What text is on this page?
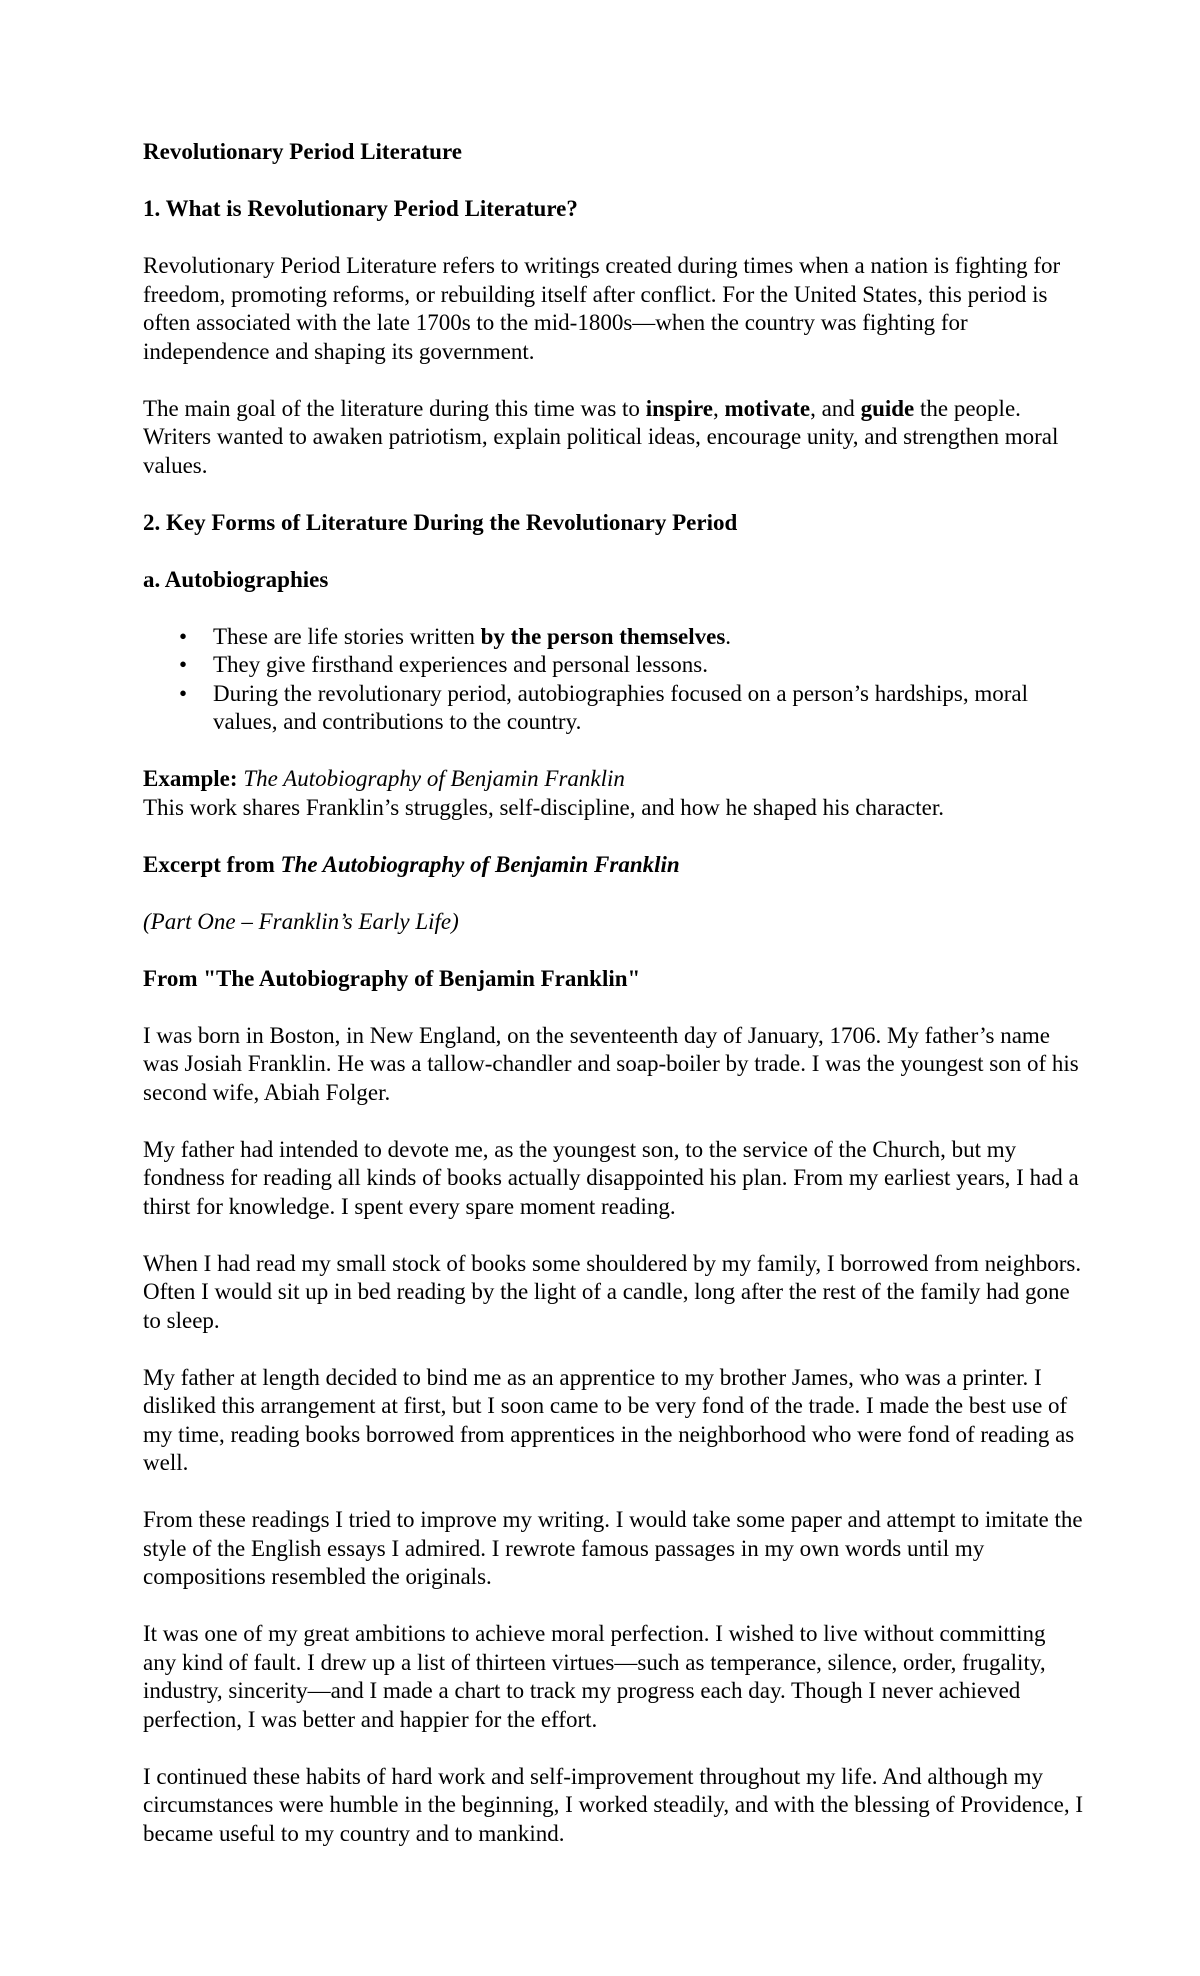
Revolutionary Period Literature

1. What is Revolutionary Period Literature?

Revolutionary Period Literature refers to writings created during times when a nation is fighting for freedom, promoting reforms, or rebuilding itself after conflict. For the United States, this period is often associated with the late 1700s to the mid-1800s—when the country was fighting for independence and shaping its government.

The main goal of the literature during this time was to inspire, motivate, and guide the people. Writers wanted to awaken patriotism, explain political ideas, encourage unity, and strengthen moral values.

2. Key Forms of Literature During the Revolutionary Period

a. Autobiographies

• These are life stories written by the person themselves.
• They give firsthand experiences and personal lessons.
• During the revolutionary period, autobiographies focused on a person’s hardships, moral values, and contributions to the country.

Example: The Autobiography of Benjamin Franklin
This work shares Franklin’s struggles, self-discipline, and how he shaped his character.

Excerpt from The Autobiography of Benjamin Franklin

(Part One – Franklin’s Early Life)

From "The Autobiography of Benjamin Franklin"

I was born in Boston, in New England, on the seventeenth day of January, 1706. My father’s name was Josiah Franklin. He was a tallow-chandler and soap-boiler by trade. I was the youngest son of his second wife, Abiah Folger.

My father had intended to devote me, as the youngest son, to the service of the Church, but my fondness for reading all kinds of books actually disappointed his plan. From my earliest years, I had a thirst for knowledge. I spent every spare moment reading.

When I had read my small stock of books some shouldered by my family, I borrowed from neighbors. Often I would sit up in bed reading by the light of a candle, long after the rest of the family had gone to sleep.

My father at length decided to bind me as an apprentice to my brother James, who was a printer. I disliked this arrangement at first, but I soon came to be very fond of the trade. I made the best use of my time, reading books borrowed from apprentices in the neighborhood who were fond of reading as well.

From these readings I tried to improve my writing. I would take some paper and attempt to imitate the style of the English essays I admired. I rewrote famous passages in my own words until my compositions resembled the originals.

It was one of my great ambitions to achieve moral perfection. I wished to live without committing any kind of fault. I drew up a list of thirteen virtues—such as temperance, silence, order, frugality, industry, sincerity—and I made a chart to track my progress each day. Though I never achieved perfection, I was better and happier for the effort.

I continued these habits of hard work and self-improvement throughout my life. And although my circumstances were humble in the beginning, I worked steadily, and with the blessing of Providence, I became useful to my country and to mankind.
